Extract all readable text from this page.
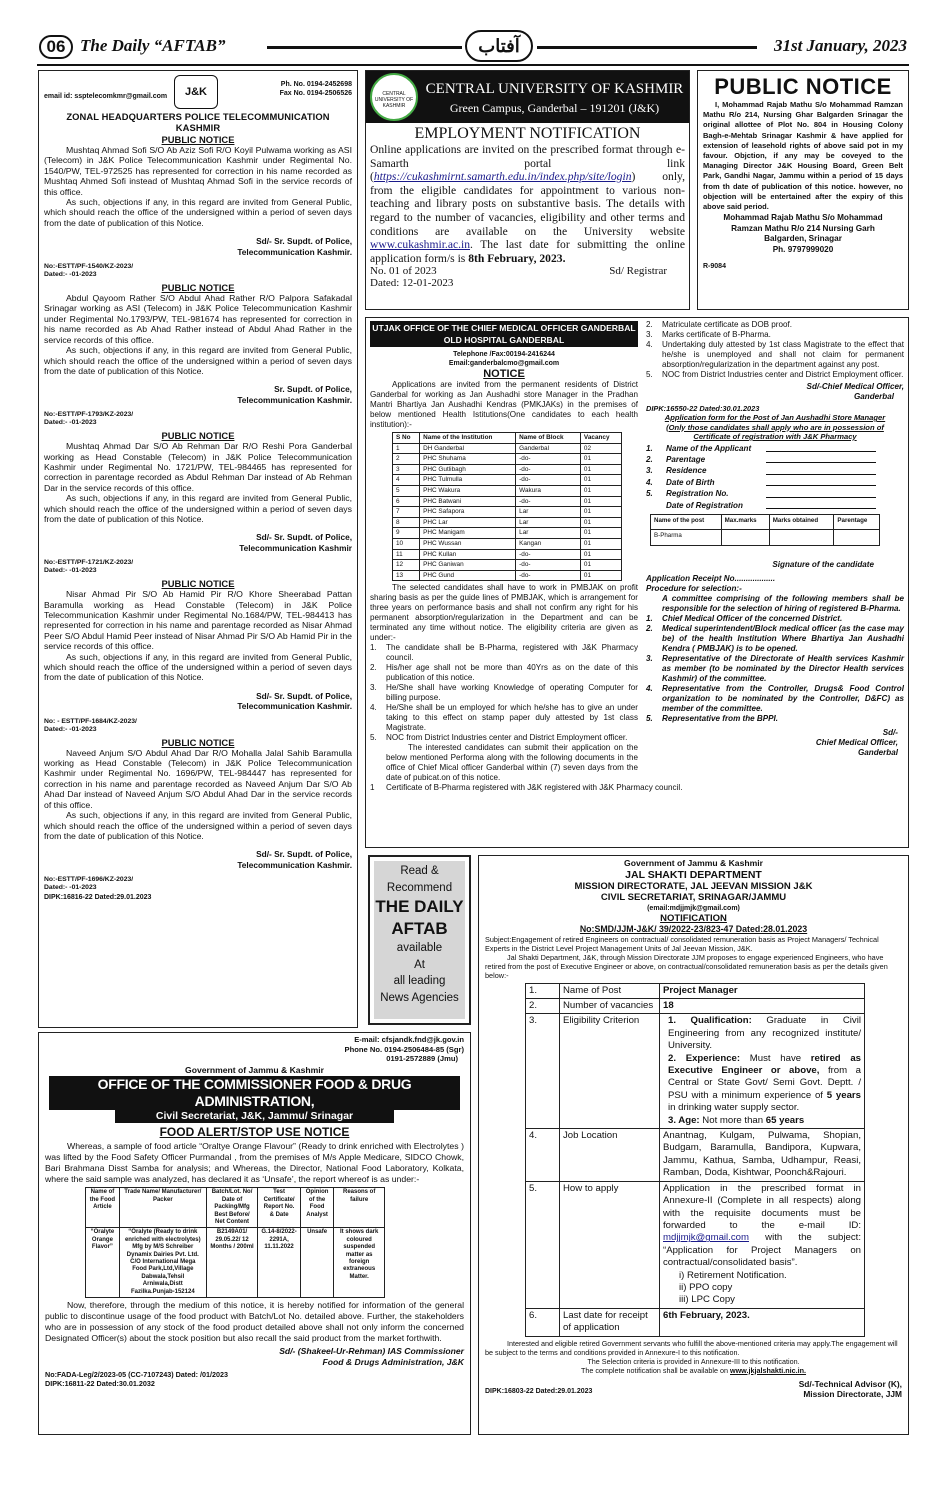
06 The Daily “AFTAB”	آفتاب	31st January, 2023
email id: ssptelecomkmr@gmail.com	J&K
Ph. No. 0194-2452698
Fax No. 0194-2506526
ZONAL HEADQUARTERS POLICE TELECOMMUNICATION KASHMIR
PUBLIC NOTICE
Mushtaq Ahmad Sofi S/O Ab Aziz Sofi R/O Koyil Pulwama working as ASI (Telecom) in J&K Police Telecommunication Kashmir under Regimental No. 1540/PW, TEL-972525 has represented for correction in his name recorded as Mushtaq Ahmed Sofi instead of Mushtaq Ahmad Sofi in the service records of this office.
As such, objections if any, in this regard are invited from General Public, which should reach the office of the undersigned within a period of seven days from the date of publication of this Notice.
Sd/- Sr. Supdt. of Police,
Telecommunication Kashmir.
No:-ESTT/PF-1540/KZ-2023/
Dated:- -01-2023
PUBLIC NOTICE
Abdul Qayoom Rather S/O Abdul Ahad Rather R/O Palpora Safakadal Srinagar working as ASI (Telecom) in J&K Police Telecommunication Kashmir under Regimental No.1793/PW, TEL-981674 has represented for correction in his name recorded as Ab Ahad Rather instead of Abdul Ahad Rather in the service records of this office.
As such, objections if any, in this regard are invited from General Public, which should reach the office of the undersigned within a period of seven days from the date of publication of this Notice.
Sr. Supdt. of Police,
Telecommunication Kashmir.
No:-ESTT/PF-1793/KZ-2023/
Dated:- -01-2023
PUBLIC NOTICE
Mushtaq Ahmad Dar S/O Ab Rehman Dar R/O Reshi Pora Ganderbal working as Head Constable (Telecom) in J&K Police Telecommunication Kashmir under Regimental No. 1721/PW, TEL-984465 has represented for correction in parentage recorded as Abdul Rehman Dar instead of Ab Rehman Dar in the service records of this office.
As such, objections if any, in this regard are invited from General Public, which should reach the office of the undersigned within a period of seven days from the date of publication of this Notice.
Sd/- Sr. Supdt. of Police,
Telecommunication Kashmir
No:-ESTT/PF-1721/KZ-2023/
Dated:- -01-2023
PUBLIC NOTICE
Nisar Ahmad Pir S/O Ab Hamid Pir R/O Khore Sheerabad Pattan Baramulla working as Head Constable (Telecom) in J&K Police Telecommunication Kashmir under Regimental No.1684/PW, TEL-984413 has represented for correction in his name and parentage recorded as Nisar Ahmad Peer S/O Abdul Hamid Peer instead of Nisar Ahmad Pir S/O Ab Hamid Pir in the service records of this office.
As such, objections if any, in this regard are invited from General Public, which should reach the office of the undersigned within a period of seven days from the date of publication of this Notice.
Sd/- Sr. Supdt. of Police,
Telecommunication Kashmir.
No: - ESTT/PF-1684/KZ-2023/
Dated:- -01-2023
PUBLIC NOTICE
Naveed Anjum S/O Abdul Ahad Dar R/O Mohalla Jalal Sahib Baramulla working as Head Constable (Telecom) in J&K Police Telecommunication Kashmir under Regimental No. 1696/PW, TEL-984447 has represented for correction in his name and parentage recorded as Naveed Anjum Dar S/O Ab Ahad Dar instead of Naveed Anjum S/O Abdul Ahad Dar in the service records of this office.
As such, objections if any, in this regard are invited from General Public, which should reach the office of the undersigned within a period of seven days from the date of publication of this Notice.
Sd/- Sr. Supdt. of Police,
Telecommunication Kashmir.
No:-ESTT/PF-1696/KZ-2023/
Dated:- -01-2023
DIPK:16816-22 Dated:29.01.2023
CENTRAL UNIVERSITY OF KASHMIR
CENTRAL UNIVERSITY OF KASHMIR
Green Campus, Ganderbal – 191201 (J&K)
EMPLOYMENT NOTIFICATION
Online applications are invited on the prescribed format through e-Samarth portal link (https://cukashmirnt.samarth.edu.in/index.php/site/login) only, from the eligible candidates for appointment to various non-teaching and library posts on substantive basis. The details with regard to the number of vacancies, eligibility and other terms and conditions are available on the University website www.cukashmir.ac.in. The last date for submitting the online application form/s is 8th February, 2023.
No. 01 of 2023
Dated: 12-01-2023
Sd/ Registrar
PUBLIC NOTICE
I, Mohammad Rajab Mathu S/o Mohammad Ramzan Mathu R/o 214, Nursing Ghar Balgarden Srinagar the original allottee of Plot No. 804 in Housing Colony Bagh-e-Mehtab Srinagar Kashmir & have applied for extension of leasehold rights of above said pot in my favour. Objction, if any may be coveyed to the Managing Director J&K Housing Board, Green Belt Park, Gandhi Nagar, Jammu within a period of 15 days from th date of publication of this notice. however, no objection will be entertained after the expiry of this above said period.
Mohammad Rajab Mathu S/o Mohammad
Ramzan Mathu R/o 214 Nursing Garh
Balgarden, Srinagar
Ph. 9797999020
R-9084
UTJAK OFFICE OF THE CHIEF MEDICAL OFFICER GANDERBAL
OLD HOSPITAL GANDERBAL
Telephone /Fax:00194-2416244
Email:ganderbalcmo@gmail.com
NOTICE
Applications are invited from the permanent residents of District Ganderbal for working as Jan Aushadhi store Manager in the Pradhan Mantri Bhartiya Jan Aushadhi Kendras (PMKJAKs) in the premises of below mentioned Health Istitutions(One candidates to each health institution):-
S No	Name of the Institution	Name of Block	Vacancy
1	DH Ganderbal	Ganderbal	02
2	PHC Shuhama	-do-	01
3	PHC Gutlibagh	-do-	01
4	PHC Tulmulla	-do-	01
5	PHC Wakura	Wakura	01
6	PHC Batwani	-do-	01
7	PHC Safapora	Lar	01
8	PHC Lar	Lar	01
9	PHC Manigam	Lar	01
10	PHC Wussan	Kangan	01
11	PHC Kullan	-do-	01
12	PHC Ganiwan	-do-	01
13	PHC Gund	-do-	01
The selected candidates shall have to work in PMBJAK on profit sharing basis as per the guide lines of PMBJAK, which is arrangement for three years on performance basis and shall not confirm any right for his permanent absorption/regularization in the Department and can be terminated any time without notice. The eligibility criteria are given as under:-
1.	The candidate shall be B-Pharma, registered with J&K Pharmacy council.
2.	His/her age shall not be more than 40Yrs as on the date of this publication of this notice.
3.	He/She shall have working Knowledge of operating Computer for billing purpose.
4.	He/She shall be un employed for which he/she has to give an under taking to this effect on stamp paper duly attested by 1st class Magistrate.
5.	NOC from District Industries center and District Employment officer.
The interested candidates can submit their application on the below mentioned Performa along with the following documents in the office of Chief Mical officer Ganderbal within (7) seven days from the date of pubicat.on of this notice.
1	Certificate of B-Pharma registered with J&K registered with J&K Pharmacy council.
2.	Matriculate certificate as DOB proof.
3.	Marks certificate of B-Pharma.
4.	Undertaking duly attested by 1st class Magistrate to the effect that he/she is unemployed and shall not claim for permanent absorption/regularization in the department against any post.
5.	NOC from District Industries center and District Employment officer.
Sd/-Chief Medical Officer,
Ganderbal
DIPK:16550-22 Dated:30.01.2023
Application form for the Post of Jan Aushadhi Store Manager
(Only those candidates shall apply who are in possession of Certificate of registration with J&K Pharmacy
1.	Name of the Applicant
2.	Parentage
3.	Residence
4.	Date of Birth
5.	Registration No.
Date of Registration
Name of the post	Max.marks	Marks obtained	Parentage
B-Pharma			
Signature of the candidate
Application Receipt No..................
Procedure for selection:-
A committee comprising of the following members shall be responsible for the selection of hiring of registered B-Pharma.
1.	Chief Medical Officer of the concerned District.
2.	Medical superintendent/Block medical officer (as the case may be) of the health Institution Where Bhartiya Jan Aushadhi Kendra ( PMBJAK) is to be opened.
3.	Representative of the Directorate of Health services Kashmir as member (to be nominated by the Director Health services Kashmir) of the committee.
4.	Representative from the Controller, Drugs& Food Control organization to be nominated by the Controller, D&FC) as member of the committee.
5.	Representative from the BPPI.
Sd/-
Chief Medical Officer,
Ganderbal
Read &
Recommend
THE DAILY
AFTAB
available
At
all leading
News Agencies
E-mail: cfsjandk.fnd@jk.gov.in
Phone No. 0194-2506484-85 (Sgr)
0191-2572889 (Jmu)
Government of Jammu & Kashmir
OFFICE OF THE COMMISSIONER FOOD & DRUG ADMINISTRATION,
Civil Secretariat, J&K, Jammu/ Srinagar
FOOD ALERT/STOP USE NOTICE
Whereas, a sample of food article “Oraltye Orange Flavour” (Ready to drink enriched with Electrolytes ) was lifted by the Food Safety Officer Purmandal , from the premises of M/s Apple Medicare, SIDCO Chowk, Bari Brahmana Disst Samba for analysis; and Whereas, the Director, National Food Laboratory, Kolkata, where the said sample was analyzed, has declared it as ‘Unsafe’, the report whereof is as under:-
Name of the Food Article	Trade Name/ Manufacturer/ Packer	Batch/Lot. No/ Date of Packing/Mfg Best Before/ Net Content	Test Certificate/ Report No. & Date	Opinion of the Food Analyst	Reasons of failure
“Oralyte Orange Flavor”	“Oralyte (Ready to drink enriched with electrolytes) Mfg by M/S Schreiber Dynamix Dairies Pvt. Ltd. C/O International Mega Food Park,Ltd,Village Dabwala,Tehsil Arniwala,Distt Fazilka.Punjab-152124	B2149A01/ 29.05.22/ 12 Months / 200ml	G.14-8/2022-2291A, 11.11.2022	Unsafe	It shows dark coloured suspended matter as foreign extraneous Matter.
Now, therefore, through the medium of this notice, it is hereby notified for information of the general public to discontinue usage of the food product with Batch/Lot No. detailed above. Further, the stakeholders who are in possession of any stock of the food product detailed above shall not only inform the concerned Designated Officer(s) about the stock position but also recall the said product from the market forthwith.
Sd/- (Shakeel-Ur-Rehman) IAS Commissioner
Food & Drugs Administration, J&K
No:FADA-Leg/2/2023-05 (CC-7107243) Dated: /01/2023
DIPK:16811-22 Dated:30.01.2032
Government of Jammu & Kashmir
JAL SHAKTI DEPARTMENT
MISSION DIRECTORATE, JAL JEEVAN MISSION J&K
CIVIL SECRETARIAT, SRINAGAR/JAMMU
(email:mdjjmjk@gmail.com)
NOTIFICATION
No:SMD/JJM-J&K/ 39/2022-23/823-47 Dated:28.01.2023
Subject:Engagement of retired Engineers on contractual/ consolidated remuneration basis as Project Managers/ Technical Experts in the District Level Project Management Units of Jal Jeevan Mission, J&K.
Jal Shakti Department, J&K, through Mission Directorate JJM proposes to engage experienced Engineers, who have retired from the post of Executive Engineer or above, on contractual/consolidated remuneration basis as per the details given below:-
1.	Name of Post	Project Manager
2.	Number of vacancies	18
3.	Eligibility Criterion	1. Qualification: Graduate in Civil Engineering from any recognized institute/ University.
2. Experience: Must have retired as Executive Engineer or above, from a Central or State Govt/ Semi Govt. Deptt. / PSU with a minimum experience of 5 years in drinking water supply sector.
3. Age: Not more than 65 years

4.	Job Location	Anantnag, Kulgam, Pulwama, Shopian, Budgam, Baramulla, Bandipora, Kupwara, Jammu, Kathua, Samba, Udhampur, Reasi, Ramban, Doda, Kishtwar, Poonch&Rajouri.
5.	How to apply	Application in the prescribed format in Annexure-II (Complete in all respects) along with the requisite documents must be forwarded to the e-mail ID: mdjjmjk@gmail.com with the subject: “Application for Project Managers on contractual/consolidated basis”.
i) Retirement Notification.
ii) PPO copy
iii) LPC Copy

6.	Last date for receipt of application	6th February, 2023.
Interested and eligible retired Government servants who fulfill the above-mentioned criteria may apply.The engagement will be subject to the terms and conditions provided in Annexure-I to this notification.
The Selection criteria is provided in Annexure-III to this notification.
The complete notification shall be available on www.jkjalshakti.nic.in.
DIPK:16803-22 Dated:29.01.2023
Sd/-Technical Advisor (K),
Mission Directorate, JJM
